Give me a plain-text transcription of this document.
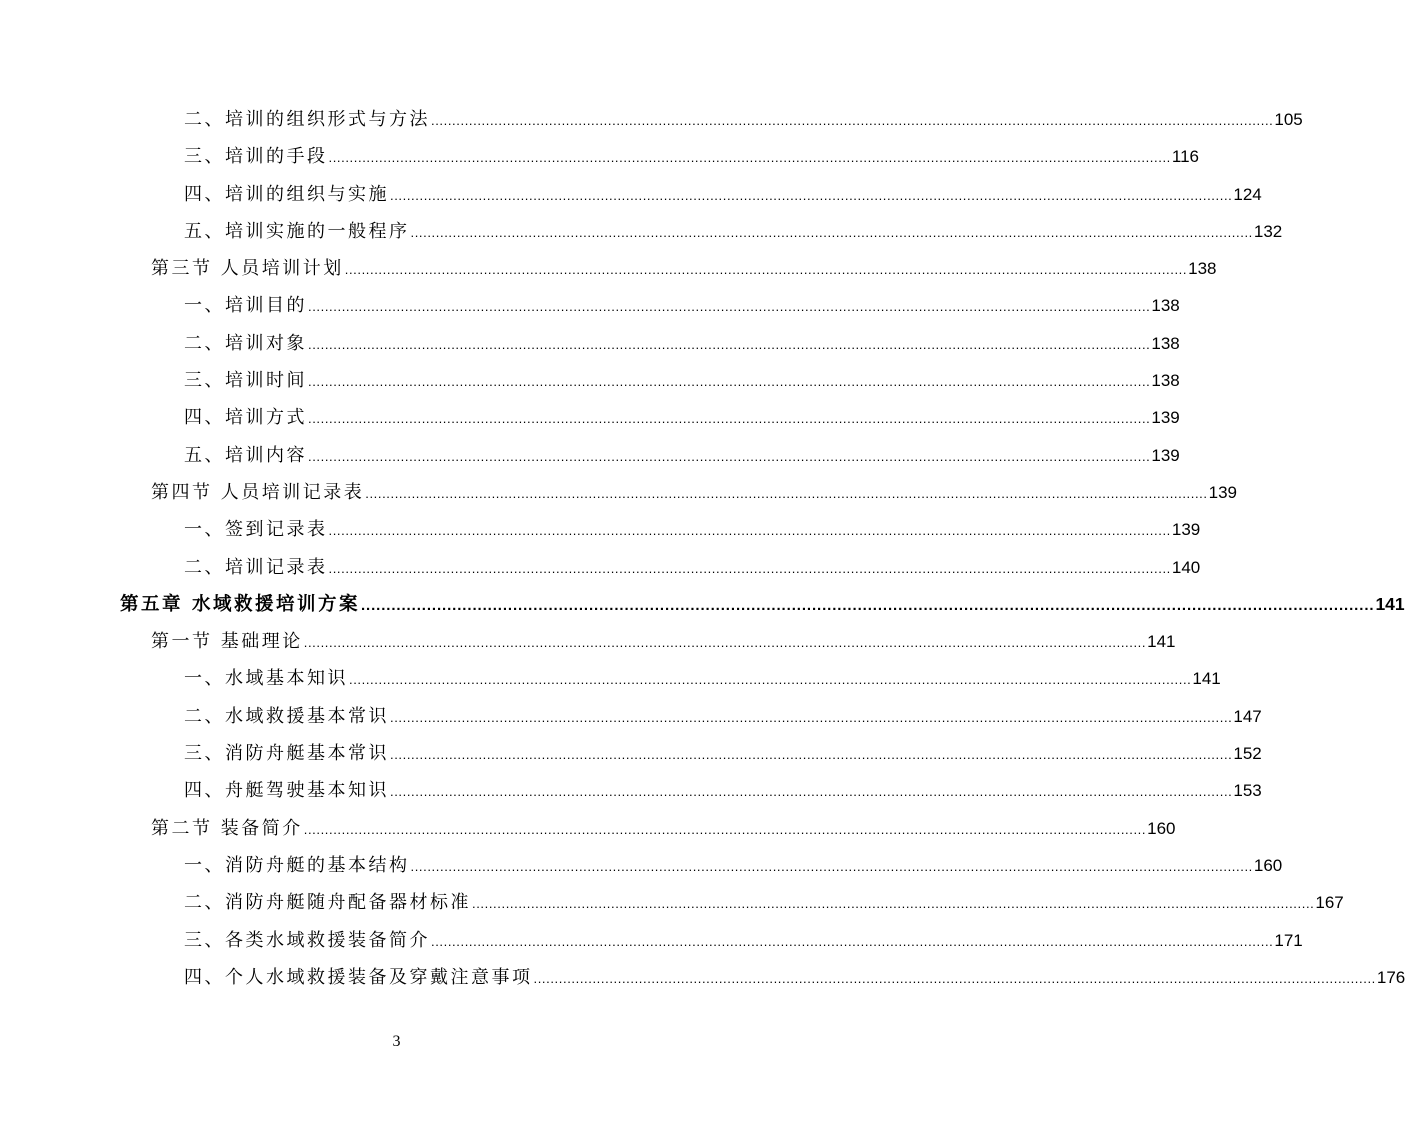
二、培训的组织形式与方法 ........................................................................................................................................................................................................ 105
三、培训的手段 ........................................................................................................................................................................................................ 116
四、培训的组织与实施 ........................................................................................................................................................................................................ 124
五、培训实施的一般程序 ........................................................................................................................................................................................................ 132
第三节 人员培训计划 ........................................................................................................................................................................................................ 138
一、培训目的 ........................................................................................................................................................................................................ 138
二、培训对象 ........................................................................................................................................................................................................ 138
三、培训时间 ........................................................................................................................................................................................................ 138
四、培训方式 ........................................................................................................................................................................................................ 139
五、培训内容 ........................................................................................................................................................................................................ 139
第四节 人员培训记录表 ........................................................................................................................................................................................................ 139
一、签到记录表 ........................................................................................................................................................................................................ 139
二、培训记录表 ........................................................................................................................................................................................................ 140
第五章 水域救援培训方案 ........................................................................................................................................................................................................ 141
第一节 基础理论 ........................................................................................................................................................................................................ 141
一、水域基本知识 ........................................................................................................................................................................................................ 141
二、水域救援基本常识 ........................................................................................................................................................................................................ 147
三、消防舟艇基本常识 ........................................................................................................................................................................................................ 152
四、舟艇驾驶基本知识 ........................................................................................................................................................................................................ 153
第二节 装备简介 ........................................................................................................................................................................................................ 160
一、消防舟艇的基本结构 ........................................................................................................................................................................................................ 160
二、消防舟艇随舟配备器材标准 ........................................................................................................................................................................................................ 167
三、各类水域救援装备简介 ........................................................................................................................................................................................................ 171
四、个人水域救援装备及穿戴注意事项 ........................................................................................................................................................................................................ 176
3
